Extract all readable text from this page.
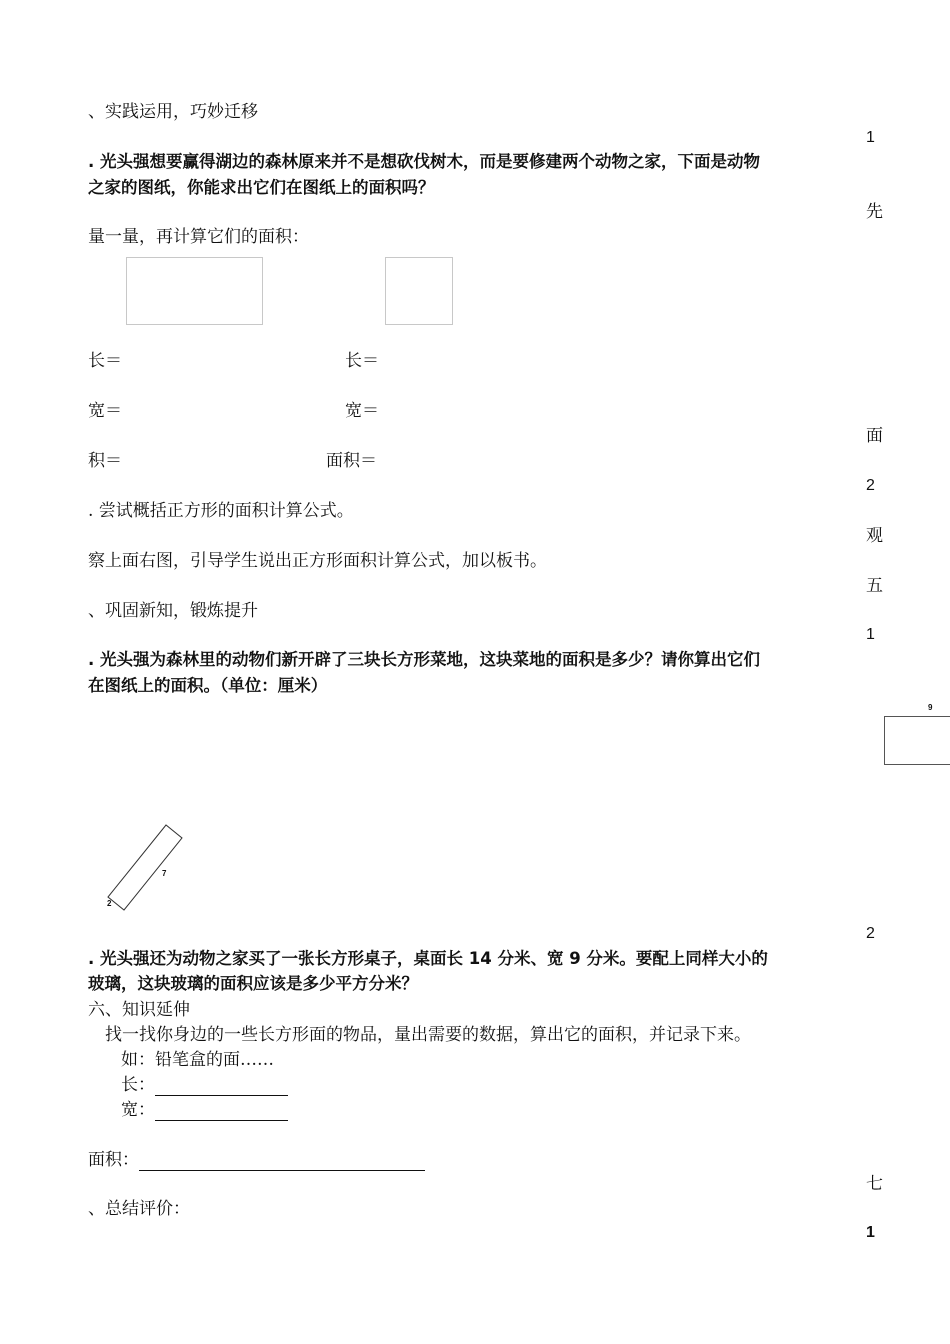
、实践运用，巧妙迁移
1
先
面
2
观
五
1
9
2
七
1
. 光头强想要赢得湖边的森林原来并不是想砍伐树木，而是要修建两个动物之家，下面是动物
之家的图纸，你能求出它们在图纸上的面积吗？
量一量，再计算它们的面积：
长＝	长＝
宽＝	宽＝
积＝	面积＝
. 尝试概括正方形的面积计算公式。
察上面右图，引导学生说出正方形面积计算公式，加以板书。
、巩固新知，锻炼提升
. 光头强为森林里的动物们新开辟了三块长方形菜地，这块菜地的面积是多少？请你算出它们
在图纸上的面积。（单位：厘米）
7
2
. 光头强还为动物之家买了一张长方形桌子，桌面长 14 分米、宽 9 分米。要配上同样大小的
玻璃，这块玻璃的面积应该是多少平方分米？
六、知识延伸
找一找你身边的一些长方形面的物品，量出需要的数据，算出它的面积，并记录下来。
如：铅笔盒的面……
长：
宽：
面积：
、总结评价：
